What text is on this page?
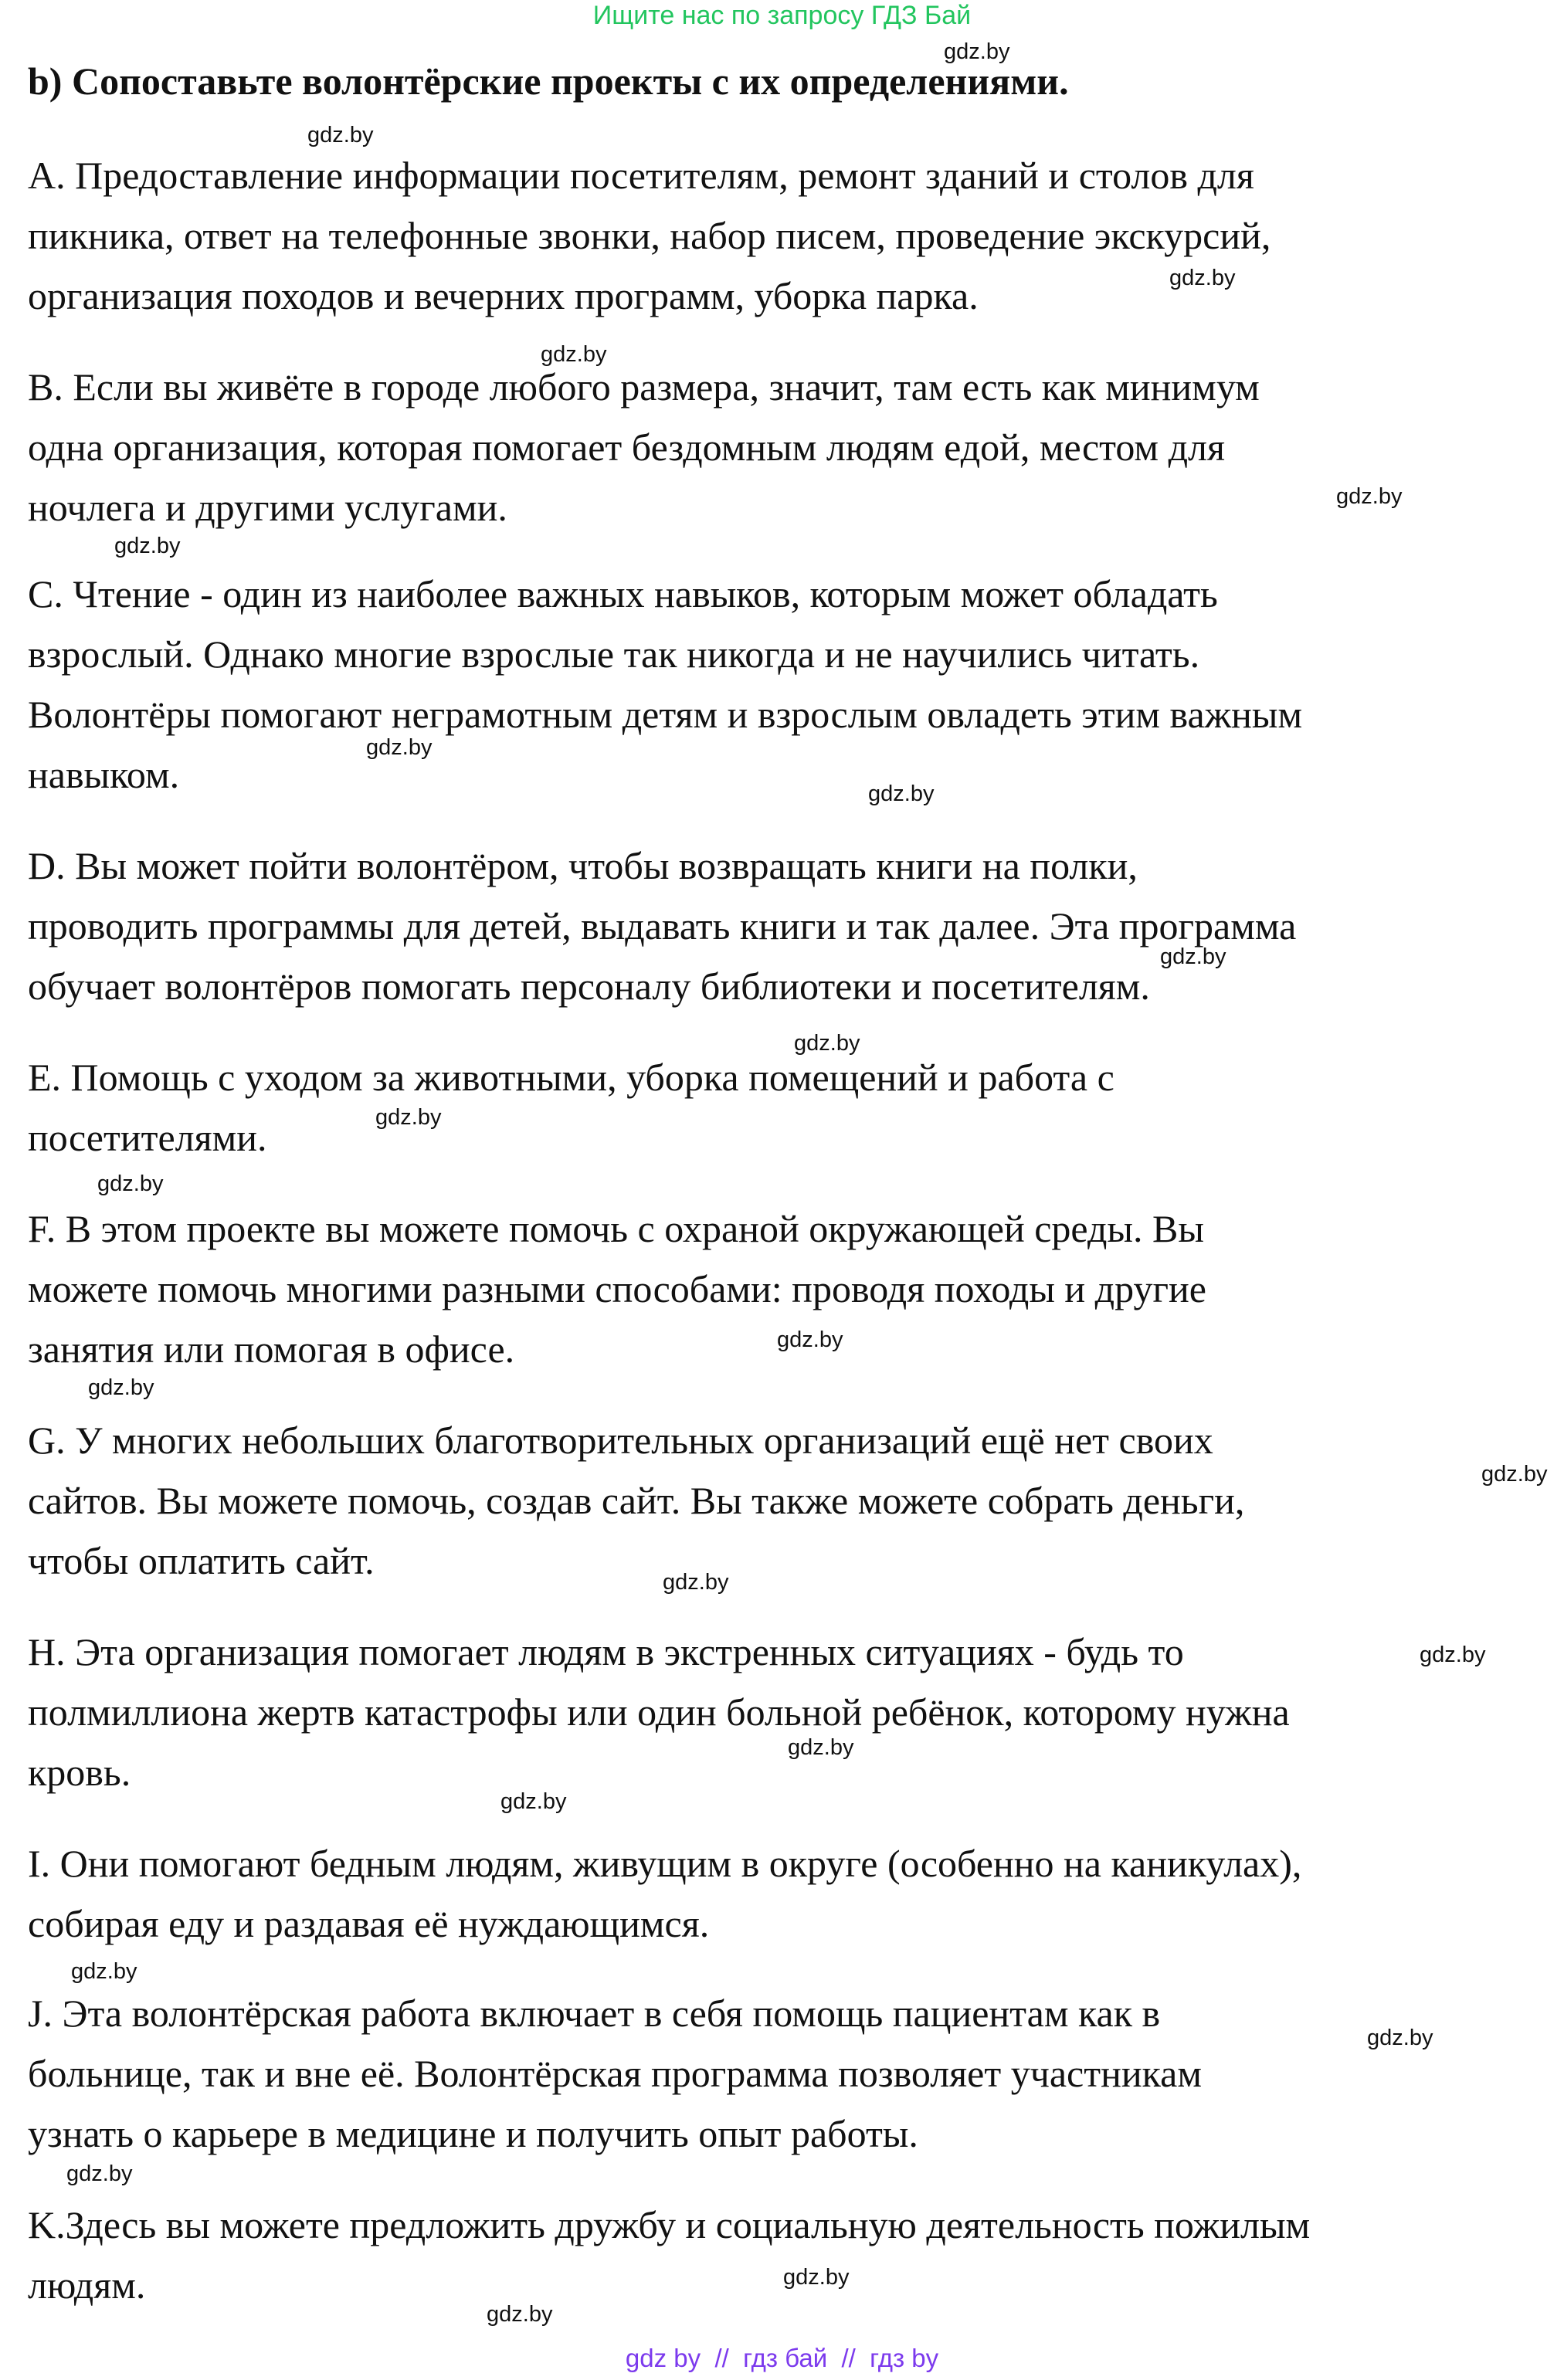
Ищите нас по запросу ГДЗ Бай
gdz.by
b) Сопоставьте волонтёрские проекты с их определениями.
gdz.by
A. Предоставление информации посетителям, ремонт зданий и столов для
пикника, ответ на телефонные звонки, набор писем, проведение экскурсий,
организация походов и вечерних программ, уборка парка.	gdz.by
gdz.by
B. Если вы живёте в городе любого размера, значит, там есть как минимум
одна организация, которая помогает бездомным людям едой, местом для
ночлега и другими услугами.	gdz.by
gdz.by
C. Чтение - один из наиболее важных навыков, которым может обладать
взрослый. Однако многие взрослые так никогда и не научились читать.
Волонтёры помогают неграмотным детям и взрослым овладеть этим важным
навыком.
gdz.by
gdz.by
D. Вы может пойти волонтёром, чтобы возвращать книги на полки,
проводить программы для детей, выдавать книги и так далее. Эта программа
обучает волонтёров помогать персоналу библиотеки и посетителям.
gdz.by
gdz.by
E. Помощь с уходом за животными, уборка помещений и работа с
посетителями.	gdz.by
gdz.by
F. В этом проекте вы можете помочь с охраной окружающей среды. Вы
можете помочь многими разными способами: проводя походы и другие
занятия или помогая в офисе.	gdz.by
gdz.by
G. У многих небольших благотворительных организаций ещё нет своих
сайтов. Вы можете помочь, создав сайт. Вы также можете собрать деньги,
чтобы оплатить сайт.
gdz.by
gdz.by
H. Эта организация помогает людям в экстренных ситуациях - будь то
полмиллиона жертв катастрофы или один больной ребёнок, которому нужна
кровь.
gdz.by
gdz.by
gdz.by
I. Они помогают бедным людям, живущим в округе (особенно на каникулах),
собирая еду и раздавая её нуждающимся.
gdz.by
J. Эта волонтёрская работа включает в себя помощь пациентам как в
больнице, так и вне её. Волонтёрская программа позволяет участникам
узнать о карьере в медицине и получить опыт работы.
gdz.by
gdz.by
K.Здесь вы можете предложить дружбу и социальную деятельность пожилым
людям.	gdz.by
gdz.by
gdz by  //  гдз бай  //  гдз by
